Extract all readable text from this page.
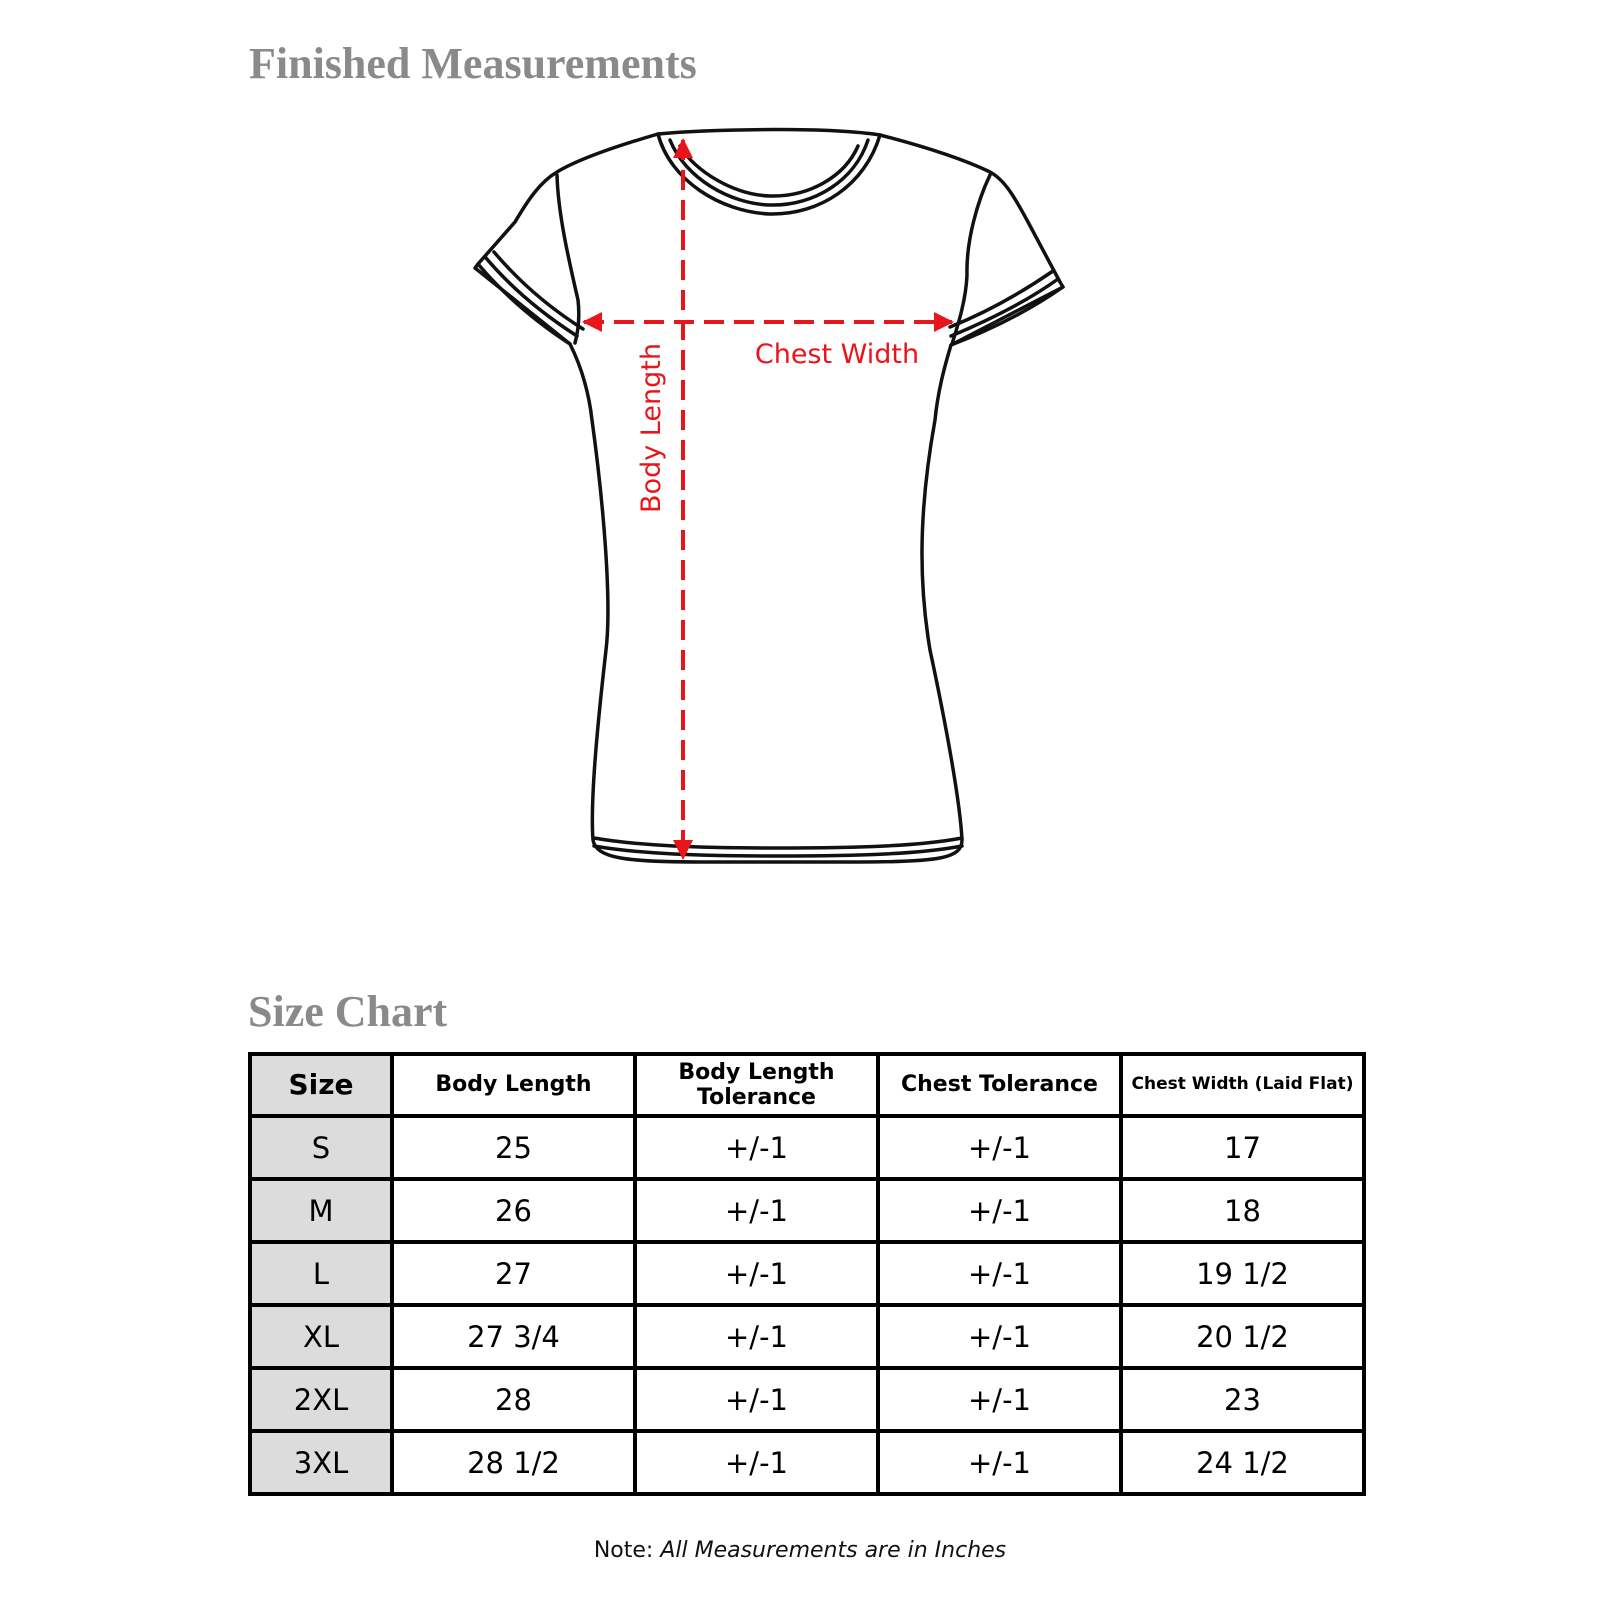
Finished Measurements
Chest Width
Body Length
Size Chart
Size	Body Length	Body Length Tolerance	Chest Tolerance	Chest Width (Laid Flat)
S	25	+/-1	+/-1	17
M	26	+/-1	+/-1	18
L	27	+/-1	+/-1	19 1/2
XL	27 3/4	+/-1	+/-1	20 1/2
2XL	28	+/-1	+/-1	23
3XL	28 1/2	+/-1	+/-1	24 1/2
Note: All Measurements are in Inches
